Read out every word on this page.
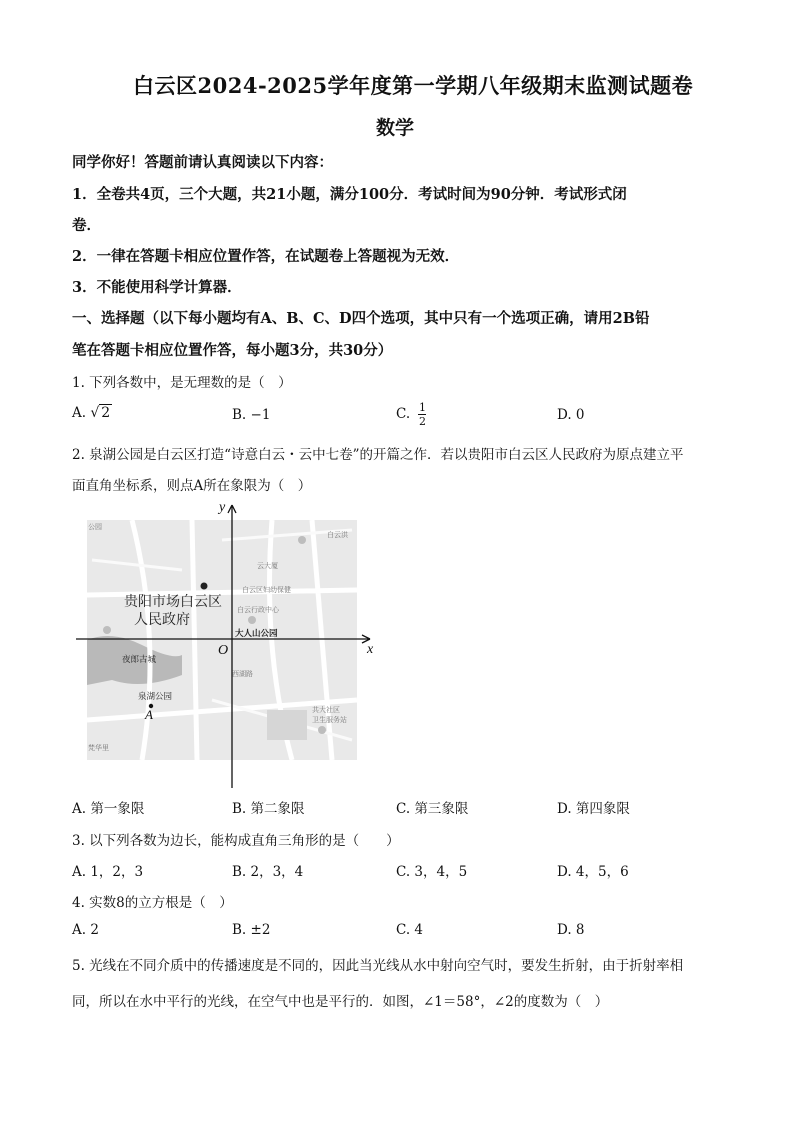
白云区2024-2025学年度第一学期八年级期末监测试题卷
数学
同学你好！答题前请认真阅读以下内容：
1．全卷共4页，三个大题，共21小题，满分100分．考试时间为90分钟．考试形式闭
卷．
2．一律在答题卡相应位置作答，在试题卷上答题视为无效．
3．不能使用科学计算器．
一、选择题（以下每小题均有A、B、C、D四个选项，其中只有一个选项正确，请用2B铅
笔在答题卡相应位置作答，每小题3分，共30分）
1. 下列各数中，是无理数的是（　）
A. √ 2	B. −1	C. $\frac{1}{2}$	D. 0
2. 泉湖公园是白云区打造“诗意白云・云中七卷”的开篇之作．若以贵阳市白云区人民政府为原点建立平
面直角坐标系，则点A所在象限为（　）
公园
白云洪
云大厦
白云区妇幼保健
白云行政中心
共大社区
卫生服务站
梵华里
西湖路
y
x
O
贵阳市场白云区
人民政府
大人山公园
夜郎古城
泉湖公园
A
A. 第一象限	B. 第二象限	C. 第三象限	D. 第四象限
3. 以下列各数为边长，能构成直角三角形的是（　　）
A. 1，2，3	B. 2，3，4	C. 3，4，5	D. 4，5，6
4. 实数8的立方根是（　）
A. 2	B. ±2	C. 4	D. 8
5. 光线在不同介质中的传播速度是不同的，因此当光线从水中射向空气时，要发生折射，由于折射率相
同，所以在水中平行的光线，在空气中也是平行的．如图，∠1＝58°，∠2的度数为（　）
